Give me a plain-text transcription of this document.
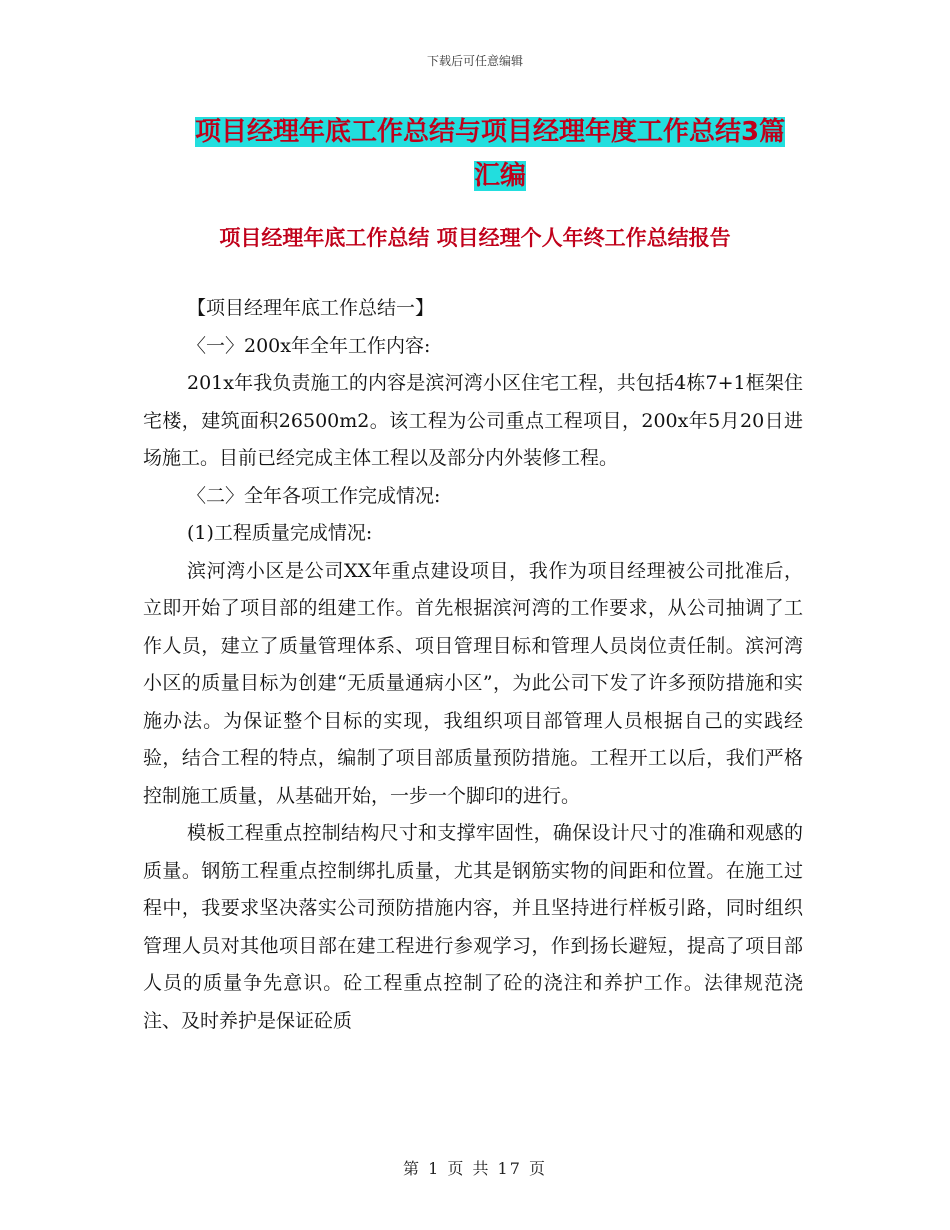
下载后可任意编辑
项目经理年底工作总结与项目经理年度工作总结3篇
汇编
项目经理年底工作总结 项目经理个人年终工作总结报告

【项目经理年底工作总结一】

〈一〉200x年全年工作内容:

201x年我负责施工的内容是滨河湾小区住宅工程，共包括4栋7+1框架住宅楼，建筑面积26500m2。该工程为公司重点工程项目，200x年5月20日进场施工。目前已经完成主体工程以及部分内外装修工程。

〈二〉全年各项工作完成情况:

(1)工程质量完成情况:

滨河湾小区是公司XX年重点建设项目，我作为项目经理被公司批准后，立即开始了项目部的组建工作。首先根据滨河湾的工作要求，从公司抽调了工作人员，建立了质量管理体系、项目管理目标和管理人员岗位责任制。滨河湾小区的质量目标为创建“无质量通病小区”，为此公司下发了许多预防措施和实施办法。为保证整个目标的实现，我组织项目部管理人员根据自己的实践经验，结合工程的特点，编制了项目部质量预防措施。工程开工以后，我们严格控制施工质量，从基础开始，一步一个脚印的进行。

模板工程重点控制结构尺寸和支撑牢固性，确保设计尺寸的准确和观感的质量。钢筋工程重点控制绑扎质量，尤其是钢筋实物的间距和位置。在施工过程中，我要求坚决落实公司预防措施内容，并且坚持进行样板引路，同时组织管理人员对其他项目部在建工程进行参观学习，作到扬长避短，提高了项目部人员的质量争先意识。砼工程重点控制了砼的浇注和养护工作。法律规范浇注、及时养护是保证砼质

第 1 页 共 17 页
